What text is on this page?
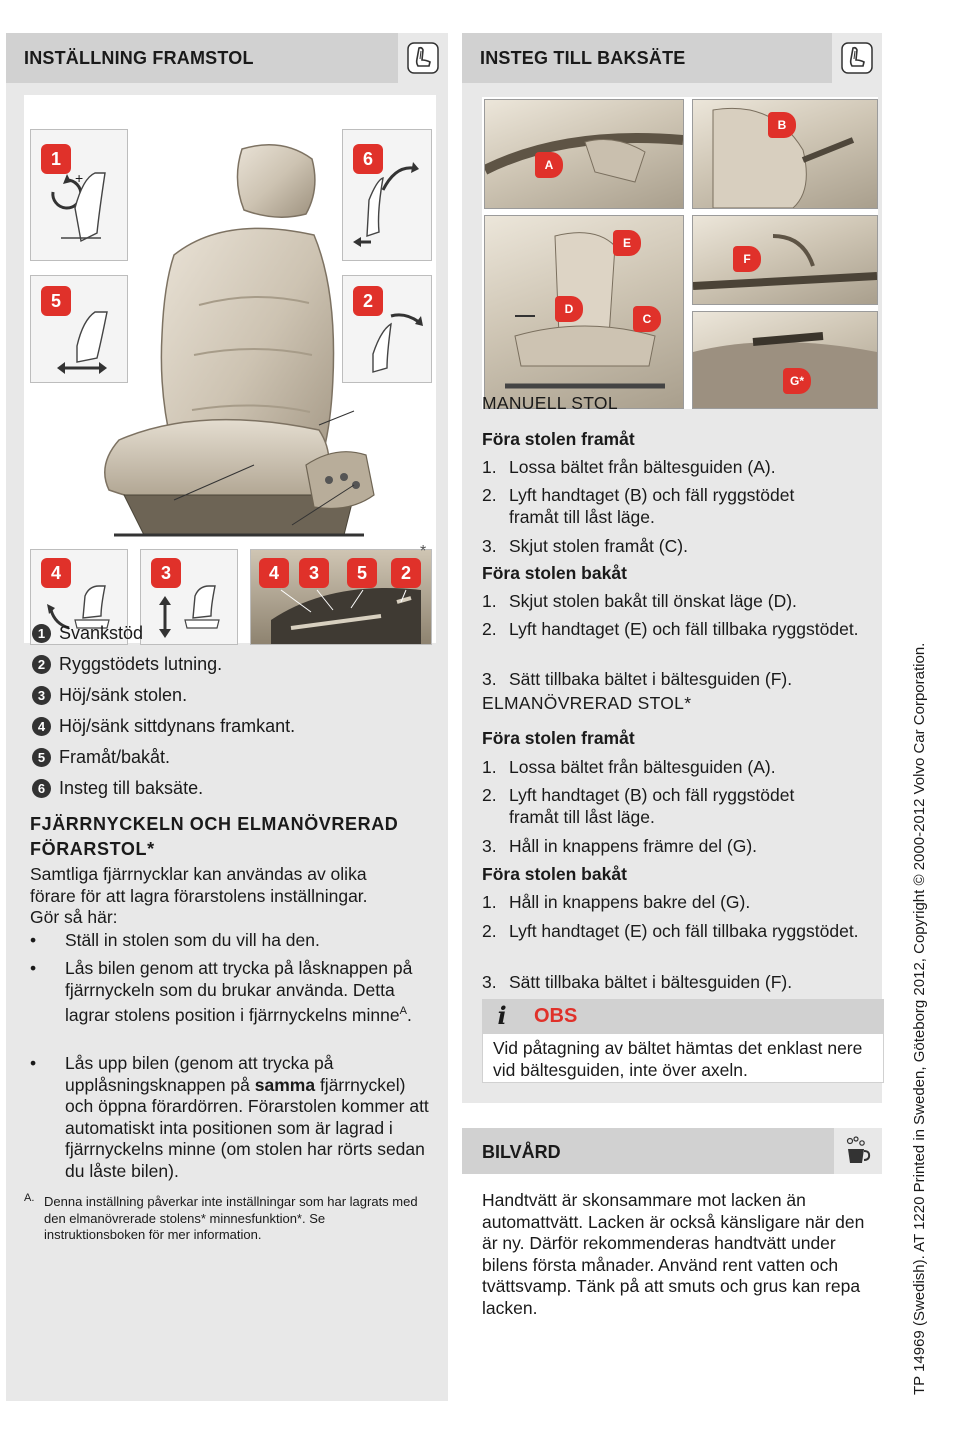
INSTÄLLNING FRAMSTOL
1
+
6
5	2
4	3	4	3	5	2
*
1 Svankstöd
2 Ryggstödets lutning.
3 Höj/sänk stolen.
4 Höj/sänk sittdynans framkant.
5 Framåt/bakåt.
6 Insteg till baksäte.
FJÄRRNYCKELN OCH ELMANÖVRERAD
FÖRARSTOL*
Samtliga fjärrnycklar kan användas av olika förare för att lagra förarstolens inställningar.
Gör så här:
• Ställ in stolen som du vill ha den.
• Lås bilen genom att trycka på låsknappen på fjärrnyckeln som du brukar använda. Detta lagrar stolens position i fjärrnyckelns minne$^A$.
• Lås upp bilen (genom att trycka på upplåsningsknappen på samma fjärrnyckel) och öppna förardörren. Förarstolen kommer att automatiskt inta positionen som är lagrad i fjärrnyckelns minne (om stolen har rörts sedan du låste bilen).
A. Denna inställning påverkar inte inställningar som har lagrats med den elmanövrerade stolens* minnesfunktion*. Se instruktionsboken för mer information.
INSTEG TILL BAKSÄTE
A
B
E
D
C
F
G*
MANUELL STOL
Föra stolen framåt
1. Lossa bältet från bältesguiden (A).
2. Lyft handtaget (B) och fäll ryggstödet framåt till låst läge.
3. Skjut stolen framåt (C).
Föra stolen bakåt
1. Skjut stolen bakåt till önskat läge (D).
2. Lyft handtaget (E) och fäll tillbaka ryggstödet.
3. Sätt tillbaka bältet i bältesguiden (F).
ELMANÖVRERAD STOL*
Föra stolen framåt
1. Lossa bältet från bältesguiden (A).
2. Lyft handtaget (B) och fäll ryggstödet framåt till låst läge.
3. Håll in knappens främre del (G).
Föra stolen bakåt
1. Håll in knappens bakre del (G).
2. Lyft handtaget (E) och fäll tillbaka ryggstödet.
3. Sätt tillbaka bältet i bältesguiden (F).
i	OBS
Vid påtagning av bältet hämtas det enklast nere vid bältesguiden, inte över axeln.
BILVÅRD
Handtvätt är skonsammare mot lacken än automattvätt. Lacken är också känsligare när den är ny. Därför rekommenderas handtvätt under bilens första månader. Använd rent vatten och tvättsvamp. Tänk på att smuts och grus kan repa lacken.	TP 14969 (Swedish). AT 1220 Printed in Sweden, Göteborg 2012, Copyright © 2000-2012 Volvo Car Corporation.
